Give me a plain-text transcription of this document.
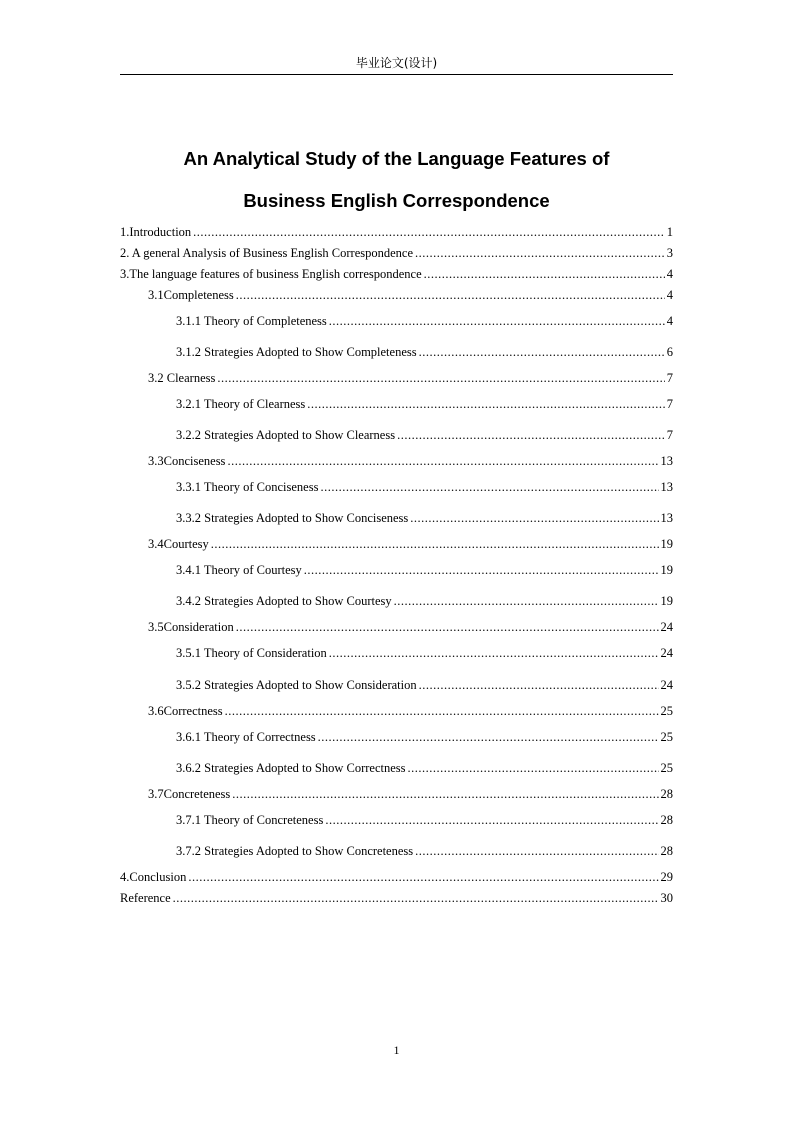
毕业论文(设计)
An Analytical Study of the Language Features of
Business English Correspondence
1.Introduction .....	1
2. A general Analysis of Business English Correspondence .....	3
3.The language features of business English correspondence .....	4
3.1Completeness .....	4
3.1.1 Theory of Completeness .....	4
3.1.2 Strategies Adopted to Show Completeness .....	6
3.2 Clearness .....	7
3.2.1 Theory of Clearness .....	7
3.2.2 Strategies Adopted to Show Clearness .....	7
3.3Conciseness .....	13
3.3.1 Theory of Conciseness .....	13
3.3.2 Strategies Adopted to Show Conciseness .....	13
3.4Courtesy .....	19
3.4.1 Theory of Courtesy .....	19
3.4.2 Strategies Adopted to Show Courtesy .....	19
3.5Consideration .....	24
3.5.1 Theory of Consideration .....	24
3.5.2 Strategies Adopted to Show Consideration .....	24
3.6Correctness .....	25
3.6.1 Theory of Correctness .....	25
3.6.2 Strategies Adopted to Show Correctness .....	25
3.7Concreteness .....	28
3.7.1 Theory of Concreteness .....	28
3.7.2 Strategies Adopted to Show Concreteness .....	28
4.Conclusion .....	29
Reference .....	30
1
